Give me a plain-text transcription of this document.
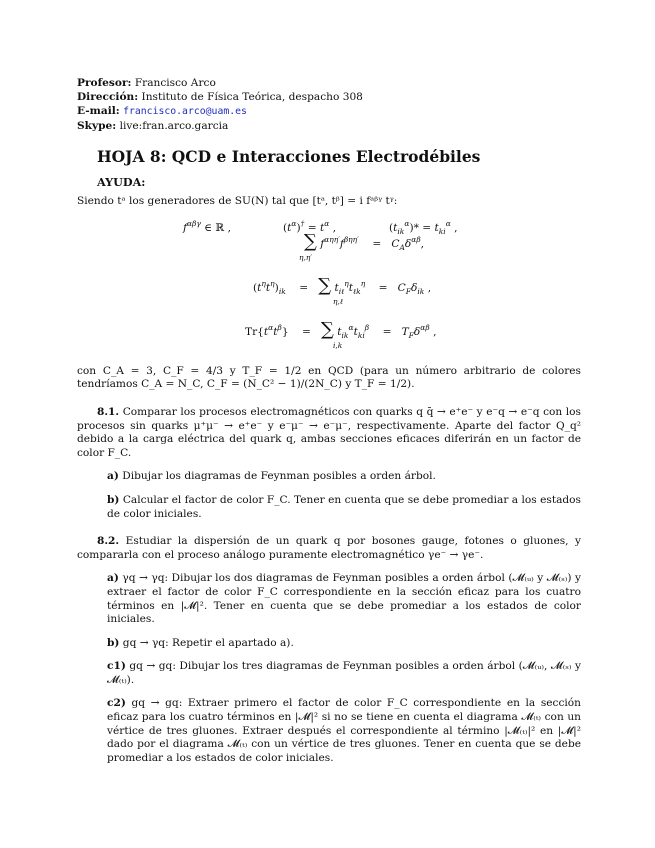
Profesor: Francisco Arco
Dirección: Instituto de Física Teórica, despacho 308
E-mail: francisco.arco@uam.es
Skype: live:fran.arco.garcia
HOJA 8: QCD e Interacciones Electrodébiles
AYUDA:
Siendo tᵃ los generadores de SU(N) tal que [tᵃ, tᵝ] = i fᵃᵝᵞ tᵞ:
$f^{\alpha\beta\gamma}$ ∈ ℝ ,	$(t^\alpha)^\dagger = t^\alpha$ ,	$(t_{ik}^\alpha)* = t_{ki}^\alpha$ ,
∑ $f^{\alpha\eta\eta'}f^{\beta\eta\eta'}$    =   $C_A\delta^{\alpha\beta}$,
η,η′
$(t^\eta t^\eta)_{ik}$    =   ∑ $t_{i\ell}^\eta t_{\ell k}^\eta$    =   $C_F\delta_{ik}$ ,
η,ℓ
$Tr\{t^\alpha t^\beta\}$    =   ∑ $t_{ik}^\alpha t_{ki}^\beta$    =   $T_F\delta^{\alpha\beta}$ ,
i,k
con C_A = 3, C_F = 4/3 y T_F = 1/2 en QCD (para un número arbitrario de colores tendríamos C_A = N_C, C_F = (N_C² − 1)/(2N_C) y T_F = 1/2).
8.1. Comparar los procesos electromagnéticos con quarks q q̄ → e⁺e⁻ y e⁻q → e⁻q con los procesos sin quarks μ⁺μ⁻ → e⁺e⁻ y e⁻μ⁻ → e⁻μ⁻, respectivamente. Aparte del factor Q_q² debido a la carga eléctrica del quark q, ambas secciones eficaces diferirán en un factor de color F_C.
a) Dibujar los diagramas de Feynman posibles a orden árbol.
b) Calcular el factor de color F_C. Tener en cuenta que se debe promediar a los estados de color iniciales.
8.2. Estudiar la dispersión de un quark q por bosones gauge, fotones o gluones, y compararla con el proceso análogo puramente electromagnético γe⁻ → γe⁻.
a) γq → γq: Dibujar los dos diagramas de Feynman posibles a orden árbol (𝓜₍ᵤ₎ y 𝓜₍ₛ₎) y extraer el factor de color F_C correspondiente en la sección eficaz para los cuatro términos en |𝓜|². Tener en cuenta que se debe promediar a los estados de color iniciales.
b) gq → γq: Repetir el apartado a).
c1) gq → gq: Dibujar los tres diagramas de Feynman posibles a orden árbol (𝓜₍ᵤ₎, 𝓜₍ₛ₎ y 𝓜₍ₜ₎).
c2) gq → gq: Extraer primero el factor de color F_C correspondiente en la sección eficaz para los cuatro términos en |𝓜|² si no se tiene en cuenta el diagrama 𝓜₍ₜ₎ con un vértice de tres gluones. Extraer después el correspondiente al término |𝓜₍ₜ₎|² en |𝓜|² dado por el diagrama 𝓜₍ₜ₎ con un vértice de tres gluones. Tener en cuenta que se debe promediar a los estados de color iniciales.
